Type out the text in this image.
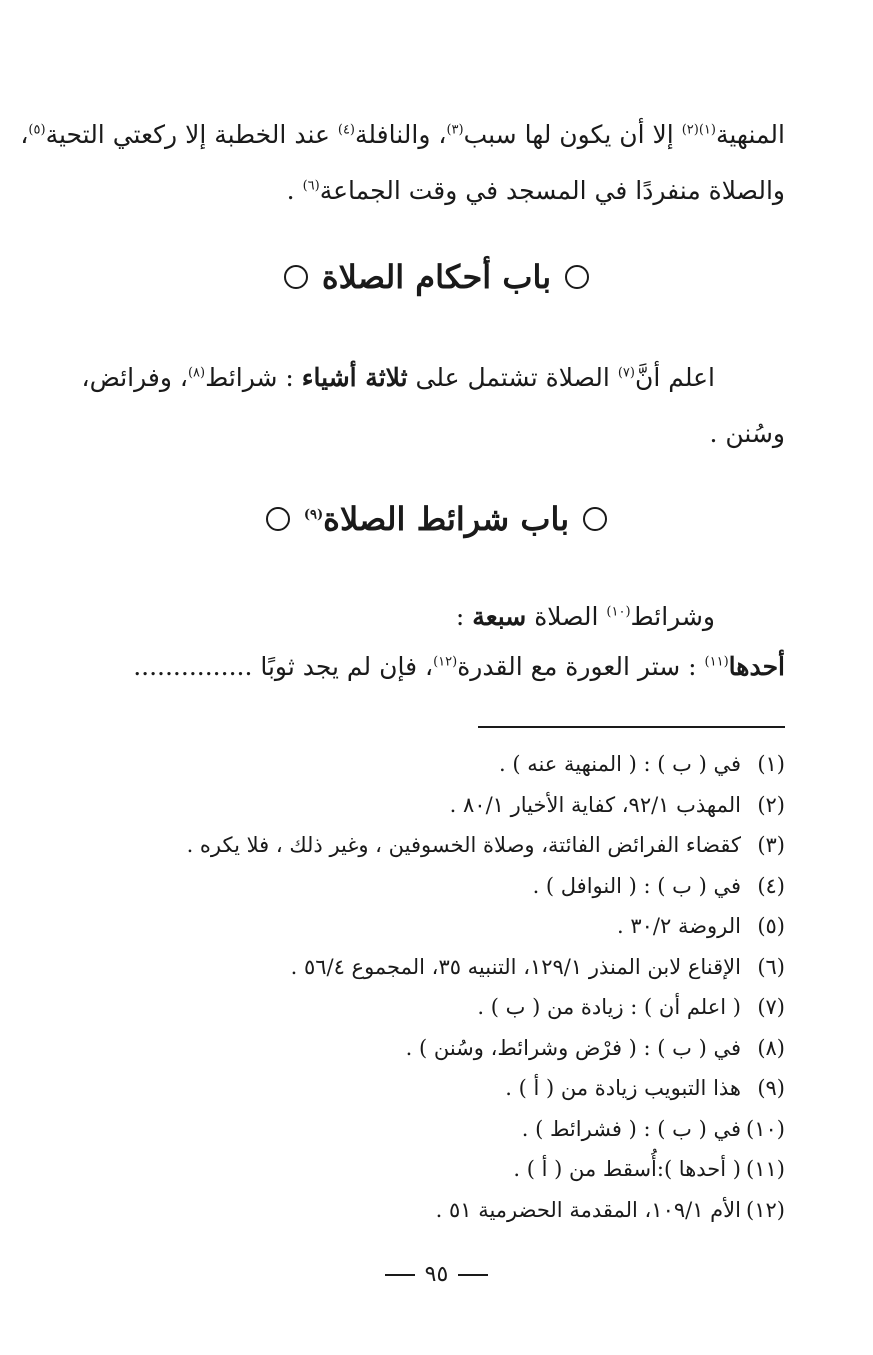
المنهية$^{(١)(٢)}$ إلا أن يكون لها سبب$^{(٣)}$، والنافلة$^{(٤)}$ عند الخطبة إلا ركعتي التحية$^{(٥)}$،
والصلاة منفردًا في المسجد في وقت الجماعة$^{(٦)}$ .
باب أحكام الصلاة
اعلم أنَّ$^{(٧)}$ الصلاة تشتمل على ثلاثة أشياء : شرائط$^{(٨)}$، وفرائض،
وسُنن .
باب شرائط الصلاة$^{(٩)}$
وشرائط$^{(١٠)}$ الصلاة سبعة :
أحدها$^{(١١)}$ : ستر العورة مع القدرة$^{(١٢)}$، فإن لم يجد ثوبًا ...............
(١)في ( ب ) : ( المنهية عنه ) .
(٢)المهذب ٩٢/١، كفاية الأخيار ٨٠/١ .
(٣)كقضاء الفرائض الفائتة، وصلاة الخسوفين ، وغير ذلك ، فلا يكره .
(٤)في ( ب ) : ( النوافل ) .
(٥)الروضة ٣٠/٢ .
(٦)الإقناع لابن المنذر ١٢٩/١، التنبيه ٣٥، المجموع ٥٦/٤ .
(٧)( اعلم أن ) : زيادة من ( ب ) .
(٨)في ( ب ) : ( فرْض وشرائط، وسُنن ) .
(٩)هذا التبويب زيادة من ( أ ) .
(١٠)في ( ب ) : ( فشرائط ) .
(١١)( أحدها ):أُسقط من ( أ ) .
(١٢)الأم ١٠٩/١، المقدمة الحضرمية ٥١ .
٩٥
